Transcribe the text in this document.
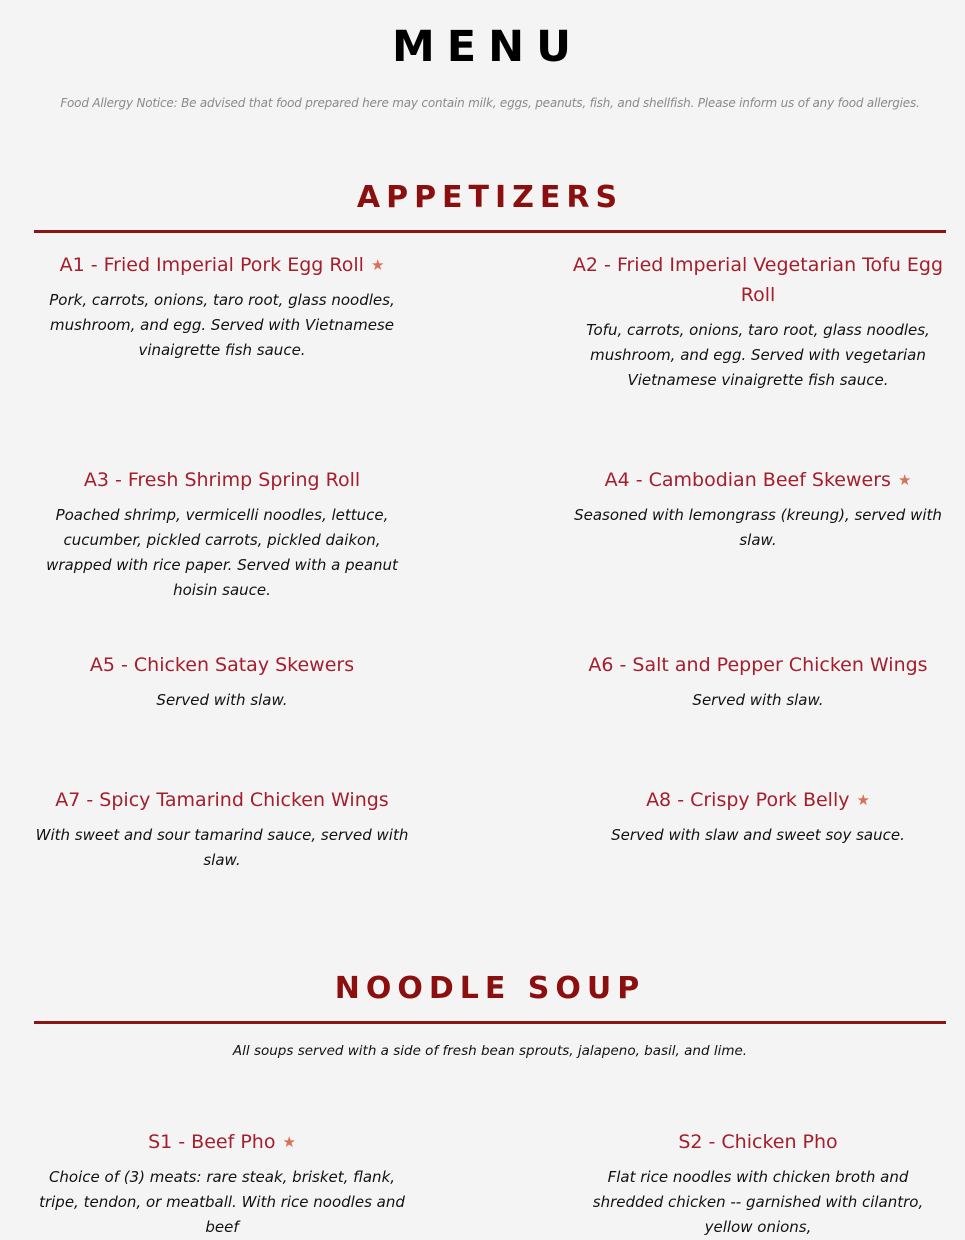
MENU
Food Allergy Notice: Be advised that food prepared here may contain milk, eggs, peanuts, fish, and shellfish. Please inform us of any food allergies.
APPETIZERS
A1 - Fried Imperial Pork Egg Roll ★
Pork, carrots, onions, taro root, glass noodles, mushroom, and egg. Served with Vietnamese vinaigrette fish sauce.
A2 - Fried Imperial Vegetarian Tofu Egg Roll
Tofu, carrots, onions, taro root, glass noodles, mushroom, and egg. Served with vegetarian Vietnamese vinaigrette fish sauce.
A3 - Fresh Shrimp Spring Roll
Poached shrimp, vermicelli noodles, lettuce, cucumber, pickled carrots, pickled daikon, wrapped with rice paper. Served with a peanut hoisin sauce.
A4 - Cambodian Beef Skewers ★
Seasoned with lemongrass (kreung), served with slaw.
A5 - Chicken Satay Skewers
Served with slaw.
A6 - Salt and Pepper Chicken Wings
Served with slaw.
A7 - Spicy Tamarind Chicken Wings
With sweet and sour tamarind sauce, served with slaw.
A8 - Crispy Pork Belly ★
Served with slaw and sweet soy sauce.
NOODLE SOUP
All soups served with a side of fresh bean sprouts, jalapeno, basil, and lime.
S1 - Beef Pho ★
Choice of (3) meats: rare steak, brisket, flank, tripe, tendon, or meatball. With rice noodles and beef
S2 - Chicken Pho
Flat rice noodles with chicken broth and shredded chicken -- garnished with cilantro, yellow onions,
